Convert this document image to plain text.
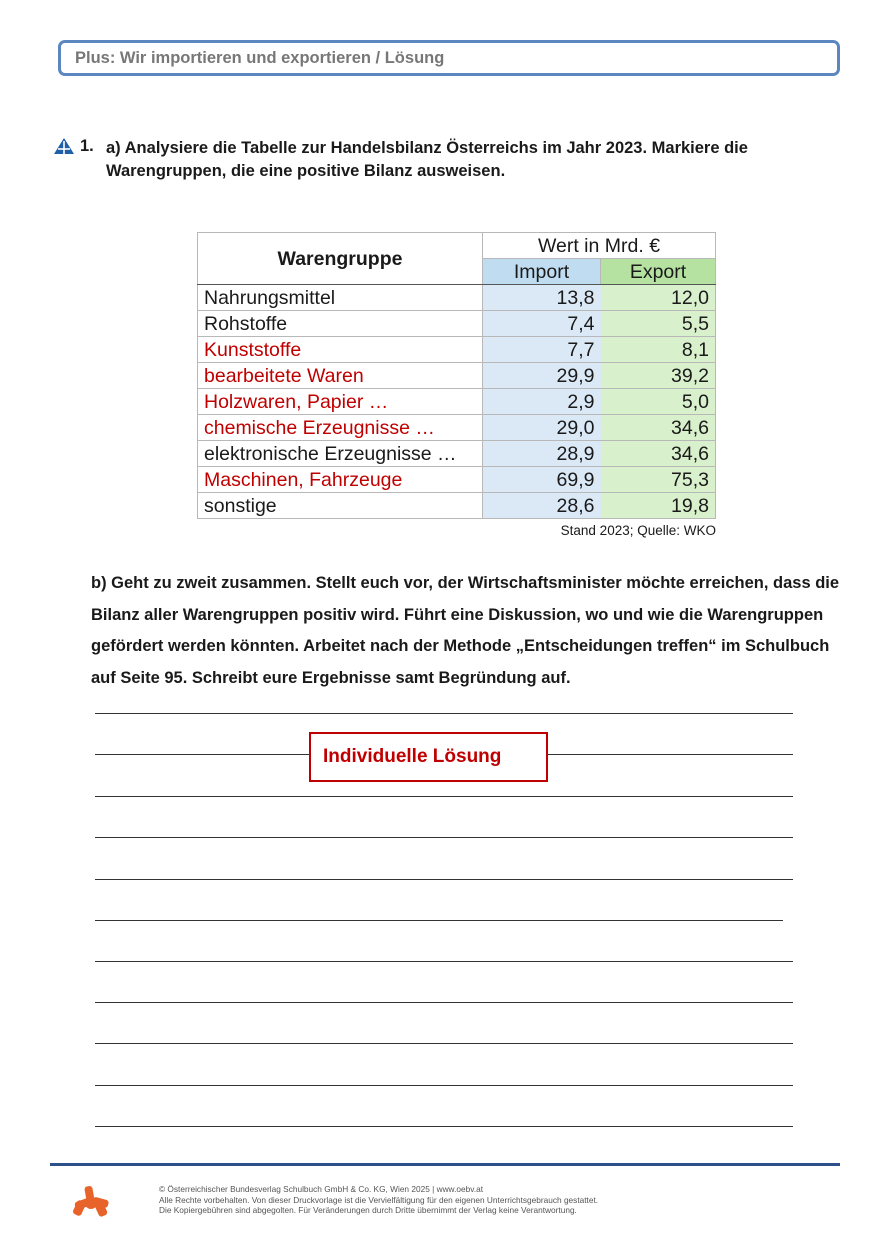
Plus: Wir importieren und exportieren / Lösung
1. a) Analysiere die Tabelle zur Handelsbilanz Österreichs im Jahr 2023. Markiere die Warengruppen, die eine positive Bilanz ausweisen.
Warengruppe	Wert in Mrd. €	
	Import	Export
Nahrungsmittel	13,8	12,0
Rohstoffe	7,4	5,5
Kunststoffe	7,7	8,1
bearbeitete Waren	29,9	39,2
Holzwaren, Papier …	2,9	5,0
chemische Erzeugnisse …	29,0	34,6
elektronische Erzeugnisse …	28,9	34,6
Maschinen, Fahrzeuge	69,9	75,3
sonstige	28,6	19,8
Stand 2023; Quelle: WKO
b) Geht zu zweit zusammen. Stellt euch vor, der Wirtschaftsminister möchte erreichen, dass die Bilanz aller Warengruppen positiv wird. Führt eine Diskussion, wo und wie die Warengruppen gefördert werden könnten. Arbeitet nach der Methode „Entscheidungen treffen“ im Schulbuch auf Seite 95. Schreibt eure Ergebnisse samt Begründung auf.
Individuelle Lösung
© Österreichischer Bundesverlag Schulbuch GmbH & Co. KG, Wien 2025 | www.oebv.at
Alle Rechte vorbehalten. Von dieser Druckvorlage ist die Vervielfältigung für den eigenen Unterrichtsgebrauch gestattet.
Die Kopiergebühren sind abgegolten. Für Veränderungen durch Dritte übernimmt der Verlag keine Verantwortung.
